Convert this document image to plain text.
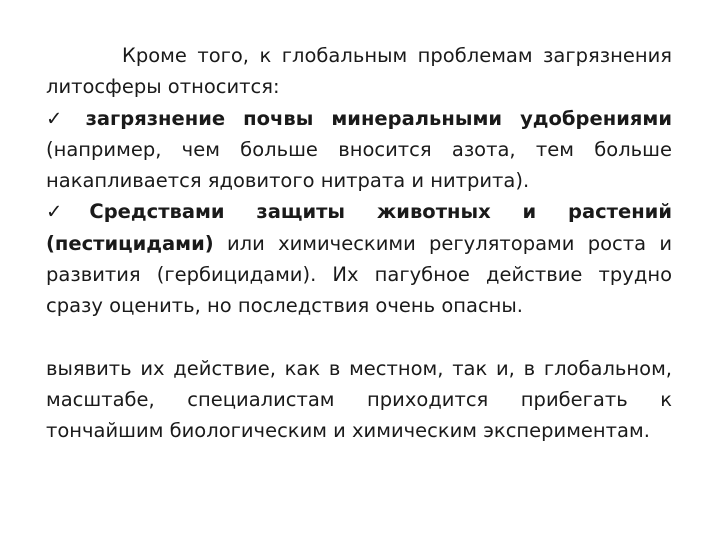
Кроме того, к глобальным проблемам загрязнения литосферы относится:

✓ загрязнение почвы минеральными удобрениями (например, чем больше вносится азота, тем больше накапливается ядовитого нитрата и нитрита).

✓ Средствами защиты животных и растений (пестицидами) или химическими регуляторами роста и развития (гербицидами). Их пагубное действие трудно сразу оценить, но последствия очень опасны.

выявить их действие, как в местном, так и, в глобальном, масштабе, специалистам приходится прибегать к тончайшим биологическим и химическим экспериментам.
